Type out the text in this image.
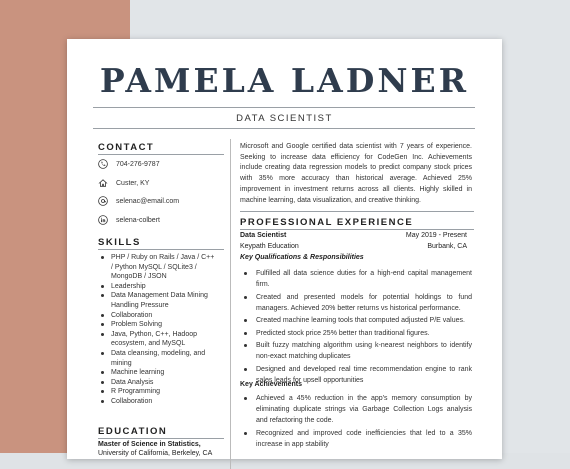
PAMELA LADNER
DATA SCIENTIST
CONTACT
704-276-9787
Custer, KY
selenac@email.com
selena-colbert
SKILLS
PHP / Ruby on Rails / Java / C++ / Python MySQL / SQLite3 / MongoDB / JSON
Leadership
Data Management Data Mining Handling Pressure
Collaboration
Problem Solving
Java, Python, C++, Hadoop ecosystem, and MySQL
Data cleansing, modeling, and mining
Machine learning
Data Analysis
R Programming
Collaboration
EDUCATION
Master of Science in Statistics,
University of California, Berkeley, CA

Microsoft and Google certified data scientist with 7 years of experience. Seeking to increase data efficiency for CodeGen Inc. Achievements include creating data regression models to predict company stock prices with 35% more accuracy than historical average. Achieved 25% improvement in investment returns across all clients. Highly skilled in machine learning, data visualization, and creative thinking.

PROFESSIONAL EXPERIENCE
Data Scientist	May 2019 - Present
Keypath Education	Burbank, CA
Key Qualifications & Responsibilities
Fulfilled all data science duties for a high-end capital management firm.
Created and presented models for potential holdings to fund managers. Achieved 20% better returns vs historical performance.
Created machine learning tools that computed adjusted P/E values.
Predicted stock price 25% better than traditional figures.
Built fuzzy matching algorithm using k-nearest neighbors to identify non-exact matching duplicates
Designed and developed real time recommendation engine to rank sales leads for upsell opportunities
Key Achievements
Achieved a 45% reduction in the app's memory consumption by eliminating duplicate strings via Garbage Collection Logs analysis and refactoring the code.
Recognized and improved code inefficiencies that led to a 35% increase in app stability
